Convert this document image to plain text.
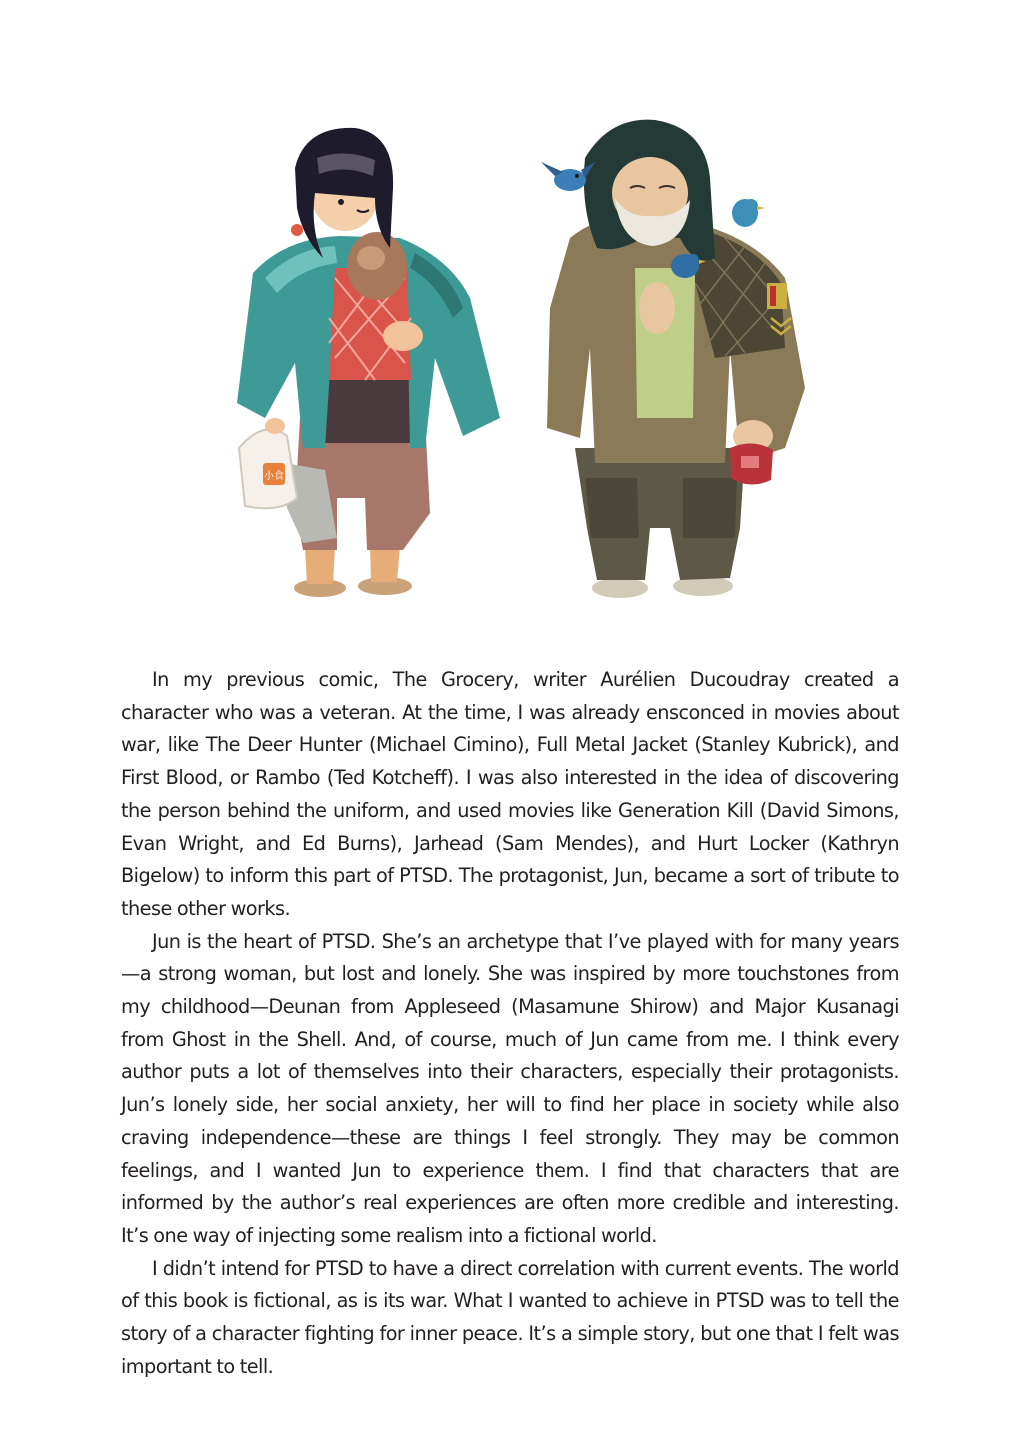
小食

In my previous comic, The Grocery, writer Aurélien Ducoudray created a character who was a veteran. At the time, I was already ensconced in movies about war, like The Deer Hunter (Michael Cimino), Full Metal Jacket (Stanley Kubrick), and First Blood, or Rambo (Ted Kotcheff). I was also interested in the idea of discovering the person behind the uniform, and used movies like Generation Kill (David Simons, Evan Wright, and Ed Burns), Jarhead (Sam Mendes), and Hurt Locker (Kathryn Bigelow) to inform this part of PTSD. The protagonist, Jun, became a sort of tribute to these other works.

Jun is the heart of PTSD. She’s an archetype that I’ve played with for many years—a strong woman, but lost and lonely. She was inspired by more touchstones from my childhood—Deunan from Appleseed (Masamune Shirow) and Major Kusanagi from Ghost in the Shell. And, of course, much of Jun came from me. I think every author puts a lot of themselves into their characters, especially their protagonists. Jun’s lonely side, her social anxiety, her will to find her place in society while also craving independence—these are things I feel strongly. They may be common feelings, and I wanted Jun to experience them. I find that characters that are informed by the author’s real experiences are often more credible and interesting. It’s one way of injecting some realism into a fictional world.

I didn’t intend for PTSD to have a direct correlation with current events. The world of this book is fictional, as is its war. What I wanted to achieve in PTSD was to tell the story of a character fighting for inner peace. It’s a simple story, but one that I felt was important to tell.
